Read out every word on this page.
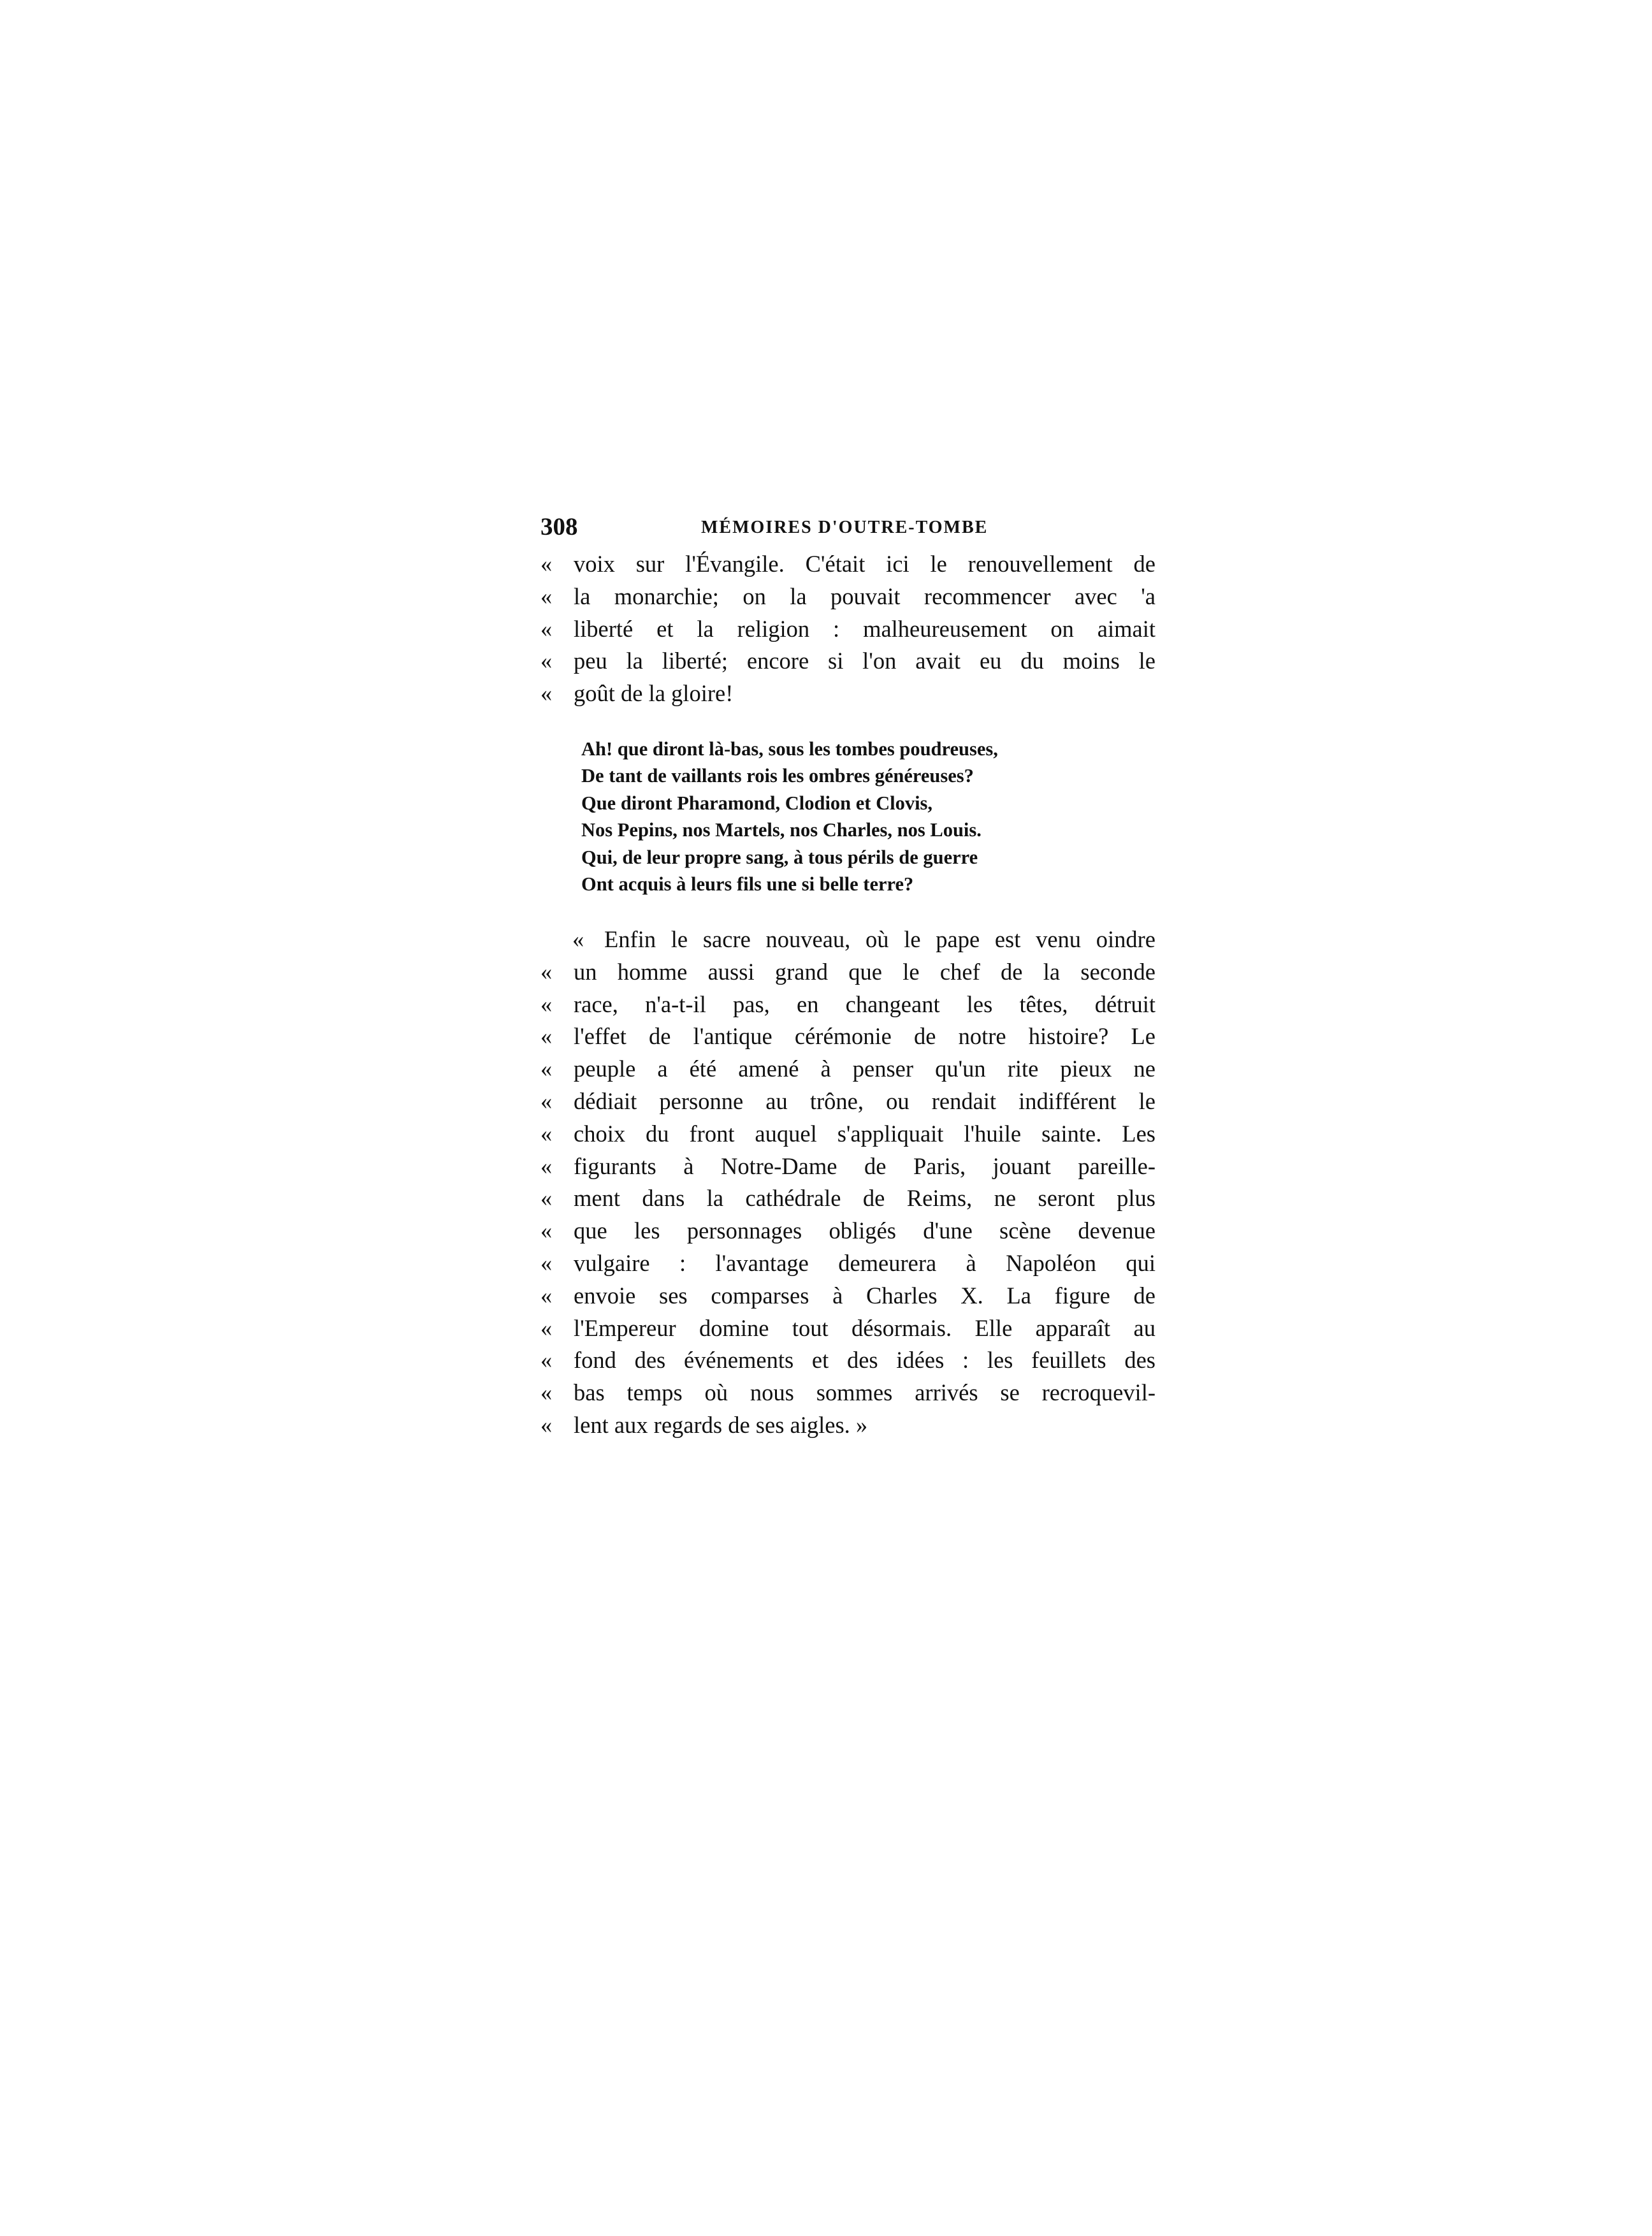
308	MÉMOIRES D'OUTRE-TOMBE
« voix sur l'Évangile. C'était ici le renouvellement de
« la monarchie; on la pouvait recommencer avec 'a
« liberté et la religion : malheureusement on aimait
« peu la liberté; encore si l'on avait eu du moins le
« goût de la gloire!
Ah! que diront là-bas, sous les tombes poudreuses,
De tant de vaillants rois les ombres généreuses?
Que diront Pharamond, Clodion et Clovis,
Nos Pepins, nos Martels, nos Charles, nos Louis.
Qui, de leur propre sang, à tous périls de guerre
Ont acquis à leurs fils une si belle terre?
« Enfin le sacre nouveau, où le pape est venu oindre
« un homme aussi grand que le chef de la seconde
« race, n'a-t-il pas, en changeant les têtes, détruit
« l'effet de l'antique cérémonie de notre histoire? Le
« peuple a été amené à penser qu'un rite pieux ne
« dédiait personne au trône, ou rendait indifférent le
« choix du front auquel s'appliquait l'huile sainte. Les
« figurants à Notre-Dame de Paris, jouant pareille-
« ment dans la cathédrale de Reims, ne seront plus
« que les personnages obligés d'une scène devenue
« vulgaire : l'avantage demeurera à Napoléon qui
« envoie ses comparses à Charles X. La figure de
« l'Empereur domine tout désormais. Elle apparaît au
« fond des événements et des idées : les feuillets des
« bas temps où nous sommes arrivés se recroquevil-
« lent aux regards de ses aigles. »
